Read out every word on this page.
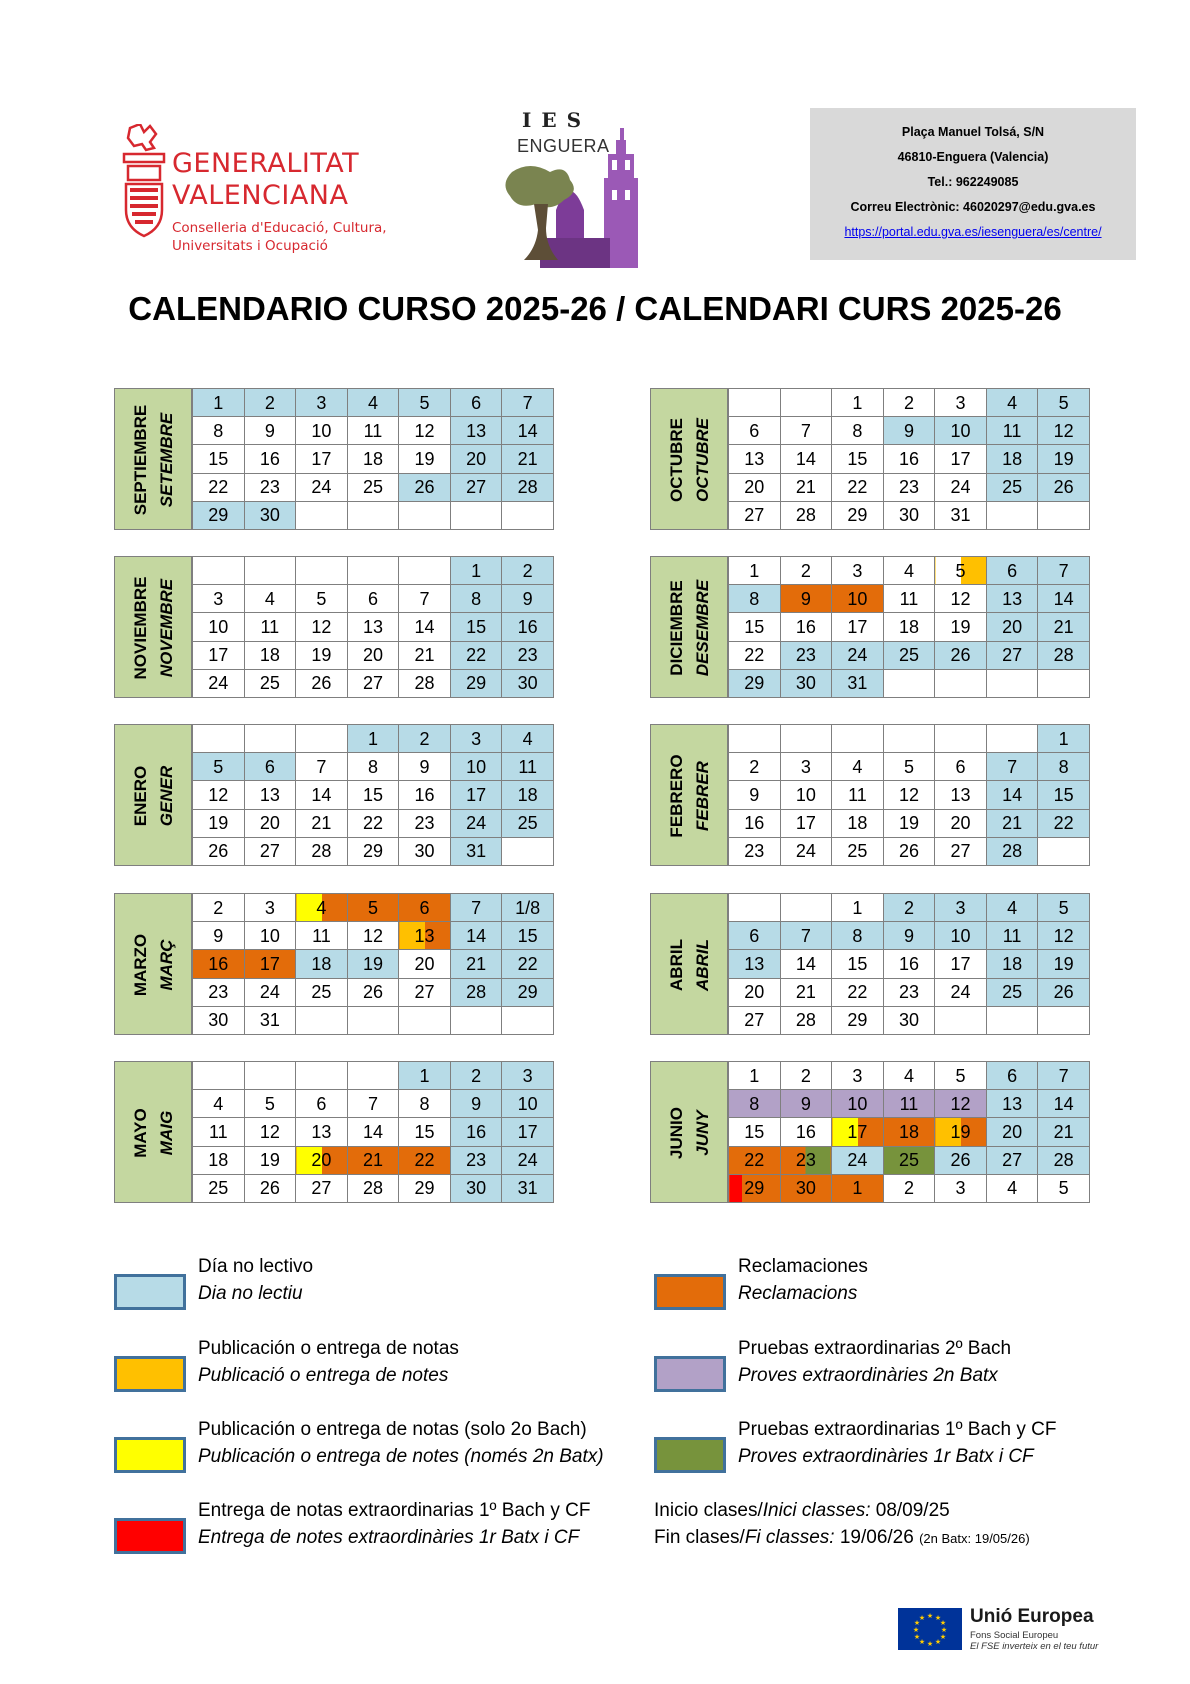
GENERALITAT
VALENCIANA
Conselleria d'Educació, Cultura,
Universitats i Ocupació
IES
ENGUERA
Plaça Manuel Tolsá, S/N
46810-Enguera (Valencia)
Tel.: 962249085
Correu Electrònic: 46020297@edu.gva.es
https://portal.edu.gva.es/iesenguera/es/centre/
CALENDARIO CURSO 2025-26 / CALENDARI CURS 2025-26
SEPTIEMBRE SETEMBRE
1	2	3	4	5	6	7
8	9	10	11	12	13	14
15	16	17	18	19	20	21
22	23	24	25	26	27	28
29	30					
OCTUBRE OCTUBRE
		1	2	3	4	5
6	7	8	9	10	11	12
13	14	15	16	17	18	19
20	21	22	23	24	25	26
27	28	29	30	31		
NOVIEMBRE NOVEMBRE
					1	2
3	4	5	6	7	8	9
10	11	12	13	14	15	16
17	18	19	20	21	22	23
24	25	26	27	28	29	30
DICIEMBRE DESEMBRE
1	2	3	4	5	6	7
8	9	10	11	12	13	14
15	16	17	18	19	20	21
22	23	24	25	26	27	28
29	30	31				
ENERO GENER
			1	2	3	4
5	6	7	8	9	10	11
12	13	14	15	16	17	18
19	20	21	22	23	24	25
26	27	28	29	30	31	
FEBRERO FEBRER
						1
2	3	4	5	6	7	8
9	10	11	12	13	14	15
16	17	18	19	20	21	22
23	24	25	26	27	28	
MARZO MARÇ
2	3	4	5	6	7	1/8
9	10	11	12	13	14	15
16	17	18	19	20	21	22
23	24	25	26	27	28	29
30	31					
ABRIL ABRIL
		1	2	3	4	5
6	7	8	9	10	11	12
13	14	15	16	17	18	19
20	21	22	23	24	25	26
27	28	29	30			
MAYO MAIG
				1	2	3
4	5	6	7	8	9	10
11	12	13	14	15	16	17
18	19	20	21	22	23	24
25	26	27	28	29	30	31
JUNIO JUNY
1	2	3	4	5	6	7
8	9	10	11	12	13	14
15	16	17	18	19	20	21
22	23	24	25	26	27	28
29	30	1	2	3	4	5
Día no lectivo
Dia no lectiu
Reclamaciones
Reclamacions
Publicación o entrega de notas
Publicació o entrega de notes
Pruebas extraordinarias 2º Bach
Proves extraordinàries 2n Batx
Publicación o entrega de notas (solo 2o Bach)
Publicación o entrega de notes (només 2n Batx)
Pruebas extraordinarias 1º Bach y CF
Proves extraordinàries 1r Batx i CF
Entrega de notas extraordinarias 1º Bach y CF
Entrega de notes extraordinàries 1r Batx i CF
Inicio clases/Inici classes: 08/09/25
Fin clases/Fi classes: 19/06/26 (2n Batx: 19/05/26)
★ ★
★
★
★
★
★
★
★
★
★
★ Unió Europea
Fons Social Europeu
El FSE inverteix en el teu futur
